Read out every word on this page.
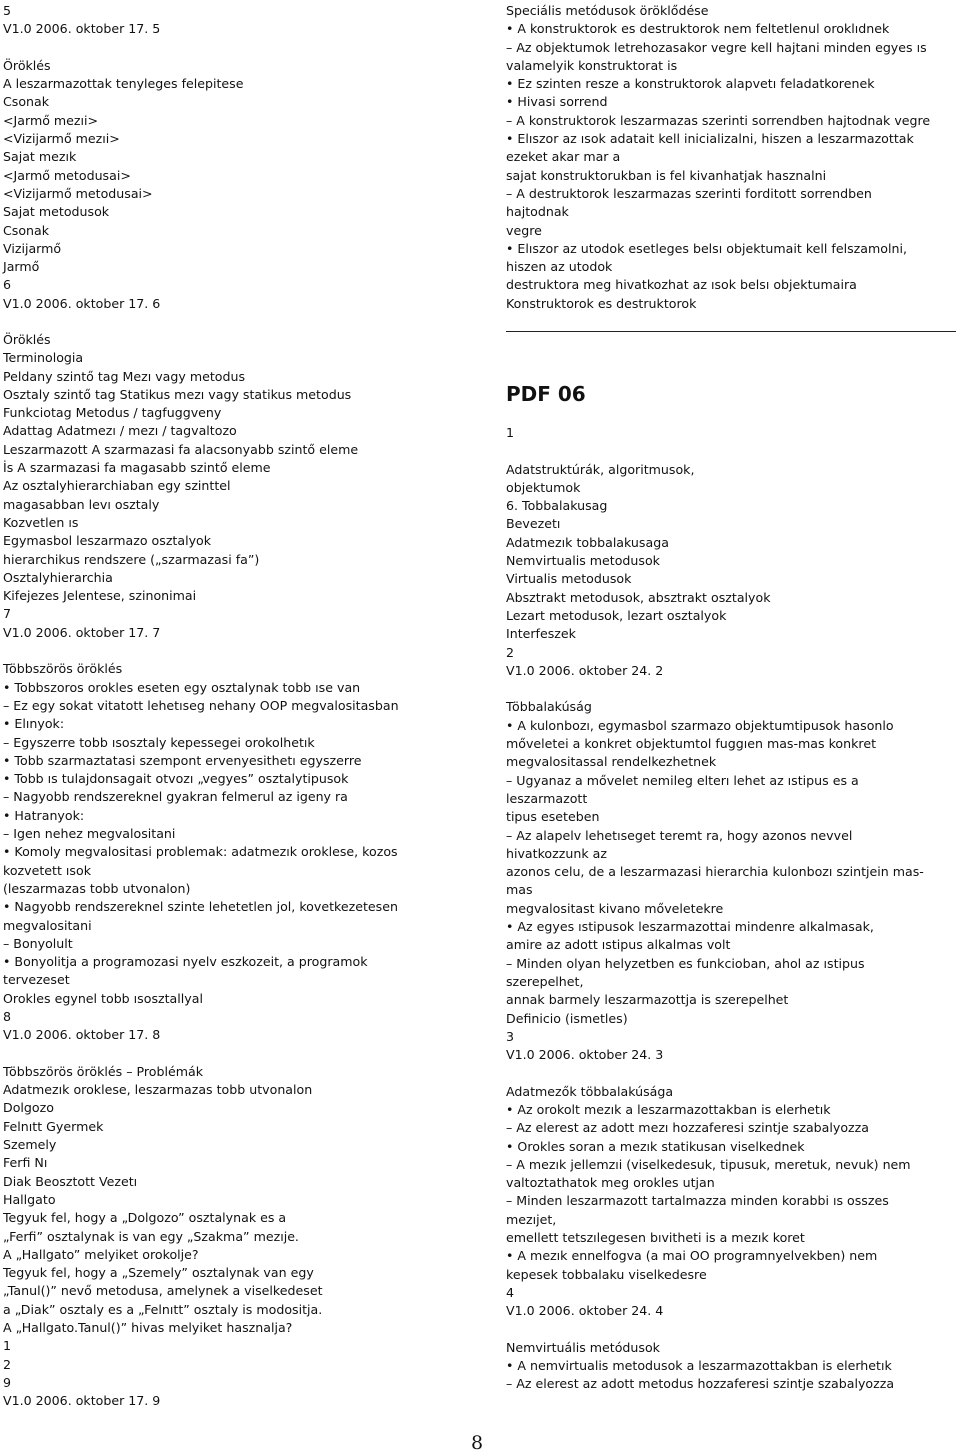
5

V1.0 2006. oktober 17. 5

Öröklés

A leszarmazottak tenyleges felepitese

Csonak

<Jarmő mezıi>

<Vizijarmő mezıi>

Sajat mezık

<Jarmő metodusai>

<Vizijarmő metodusai>

Sajat metodusok

Csonak

Vizijarmő

Jarmő

6

V1.0 2006. oktober 17. 6

Öröklés

Terminologia

Peldany szintő tag Mezı vagy metodus

Osztaly szintő tag Statikus mezı vagy statikus metodus

Funkciotag Metodus / tagfuggveny

Adattag Adatmezı / mezı / tagvaltozo

Leszarmazott A szarmazasi fa alacsonyabb szintő eleme

İs A szarmazasi fa magasabb szintő eleme

Az osztalyhierarchiaban egy szinttel

magasabban levı osztaly

Kozvetlen ıs

Egymasbol leszarmazo osztalyok

hierarchikus rendszere („szarmazasi fa”)

Osztalyhierarchia

Kifejezes Jelentese, szinonimai

7

V1.0 2006. oktober 17. 7

Többszörös öröklés

• Tobbszoros orokles eseten egy osztalynak tobb ıse van

– Ez egy sokat vitatott lehetıseg nehany OOP megvalositasban

• Elınyok:

– Egyszerre tobb ısosztaly kepessegei orokolhetık

• Tobb szarmaztatasi szempont ervenyesithetı egyszerre

• Tobb ıs tulajdonsagait otvozı „vegyes” osztalytipusok

– Nagyobb rendszereknel gyakran felmerul az igeny ra

• Hatranyok:

– Igen nehez megvalositani

• Komoly megvalositasi problemak: adatmezık oroklese, kozos

kozvetett ısok

(leszarmazas tobb utvonalon)

• Nagyobb rendszereknel szinte lehetetlen jol, kovetkezetesen

megvalositani

– Bonyolult

• Bonyolitja a programozasi nyelv eszkozeit, a programok

tervezeset

Orokles egynel tobb ısosztallyal

8

V1.0 2006. oktober 17. 8

Többszörös öröklés – Problémák

Adatmezık oroklese, leszarmazas tobb utvonalon

Dolgozo

Felnıtt Gyermek

Szemely

Ferfi Nı

Diak Beosztott Vezetı

Hallgato

Tegyuk fel, hogy a „Dolgozo” osztalynak es a

„Ferfi” osztalynak is van egy „Szakma” mezıje.

A „Hallgato” melyiket orokolje?

Tegyuk fel, hogy a „Szemely” osztalynak van egy

„Tanul()” nevő metodusa, amelynek a viselkedeset

a „Diak” osztaly es a „Felnıtt” osztaly is modositja.

A „Hallgato.Tanul()” hivas melyiket hasznalja?

1

2

9

V1.0 2006. oktober 17. 9

Speciális metódusok öröklődése

• A konstruktorok es destruktorok nem feltetlenul oroklıdnek

– Az objektumok letrehozasakor vegre kell hajtani minden egyes ıs

valamelyik konstruktorat is

• Ez szinten resze a konstruktorok alapvetı feladatkorenek

• Hivasi sorrend

– A konstruktorok leszarmazas szerinti sorrendben hajtodnak vegre

• Elıszor az ısok adatait kell inicializalni, hiszen a leszarmazottak

ezeket akar mar a

sajat konstruktorukban is fel kivanhatjak hasznalni

– A destruktorok leszarmazas szerinti forditott sorrendben

hajtodnak

vegre

• Elıszor az utodok esetleges belsı objektumait kell felszamolni,

hiszen az utodok

destruktora meg hivatkozhat az ısok belsı objektumaira

Konstruktorok es destruktorok

PDF 06

1

Adatstruktúrák, algoritmusok,

objektumok

6. Tobbalakusag

Bevezetı

Adatmezık tobbalakusaga

Nemvirtualis metodusok

Virtualis metodusok

Absztrakt metodusok, absztrakt osztalyok

Lezart metodusok, lezart osztalyok

Interfeszek

2

V1.0 2006. oktober 24. 2

Többalakúság

• A kulonbozı, egymasbol szarmazo objektumtipusok hasonlo

mőveletei a konkret objektumtol fuggıen mas-mas konkret

megvalositassal rendelkezhetnek

– Ugyanaz a mővelet nemileg elterı lehet az ıstipus es a

leszarmazott

tipus eseteben

– Az alapelv lehetıseget teremt ra, hogy azonos nevvel

hivatkozzunk az

azonos celu, de a leszarmazasi hierarchia kulonbozı szintjein mas-

mas

megvalositast kivano mőveletekre

• Az egyes ıstipusok leszarmazottai mindenre alkalmasak,

amire az adott ıstipus alkalmas volt

– Minden olyan helyzetben es funkcioban, ahol az ıstipus

szerepelhet,

annak barmely leszarmazottja is szerepelhet

Definicio (ismetles)

3

V1.0 2006. oktober 24. 3

Adatmezők többalakúsága

• Az orokolt mezık a leszarmazottakban is elerhetık

– Az elerest az adott mezı hozzaferesi szintje szabalyozza

• Orokles soran a mezık statikusan viselkednek

– A mezık jellemzıi (viselkedesuk, tipusuk, meretuk, nevuk) nem

valtoztathatok meg orokles utjan

– Minden leszarmazott tartalmazza minden korabbi ıs osszes

mezıjet,

emellett tetszılegesen bıvitheti is a mezık koret

• A mezık ennelfogva (a mai OO programnyelvekben) nem

kepesek tobbalaku viselkedesre

4

V1.0 2006. oktober 24. 4

Nemvirtuális metódusok

• A nemvirtualis metodusok a leszarmazottakban is elerhetık

– Az elerest az adott metodus hozzaferesi szintje szabalyozza

8
